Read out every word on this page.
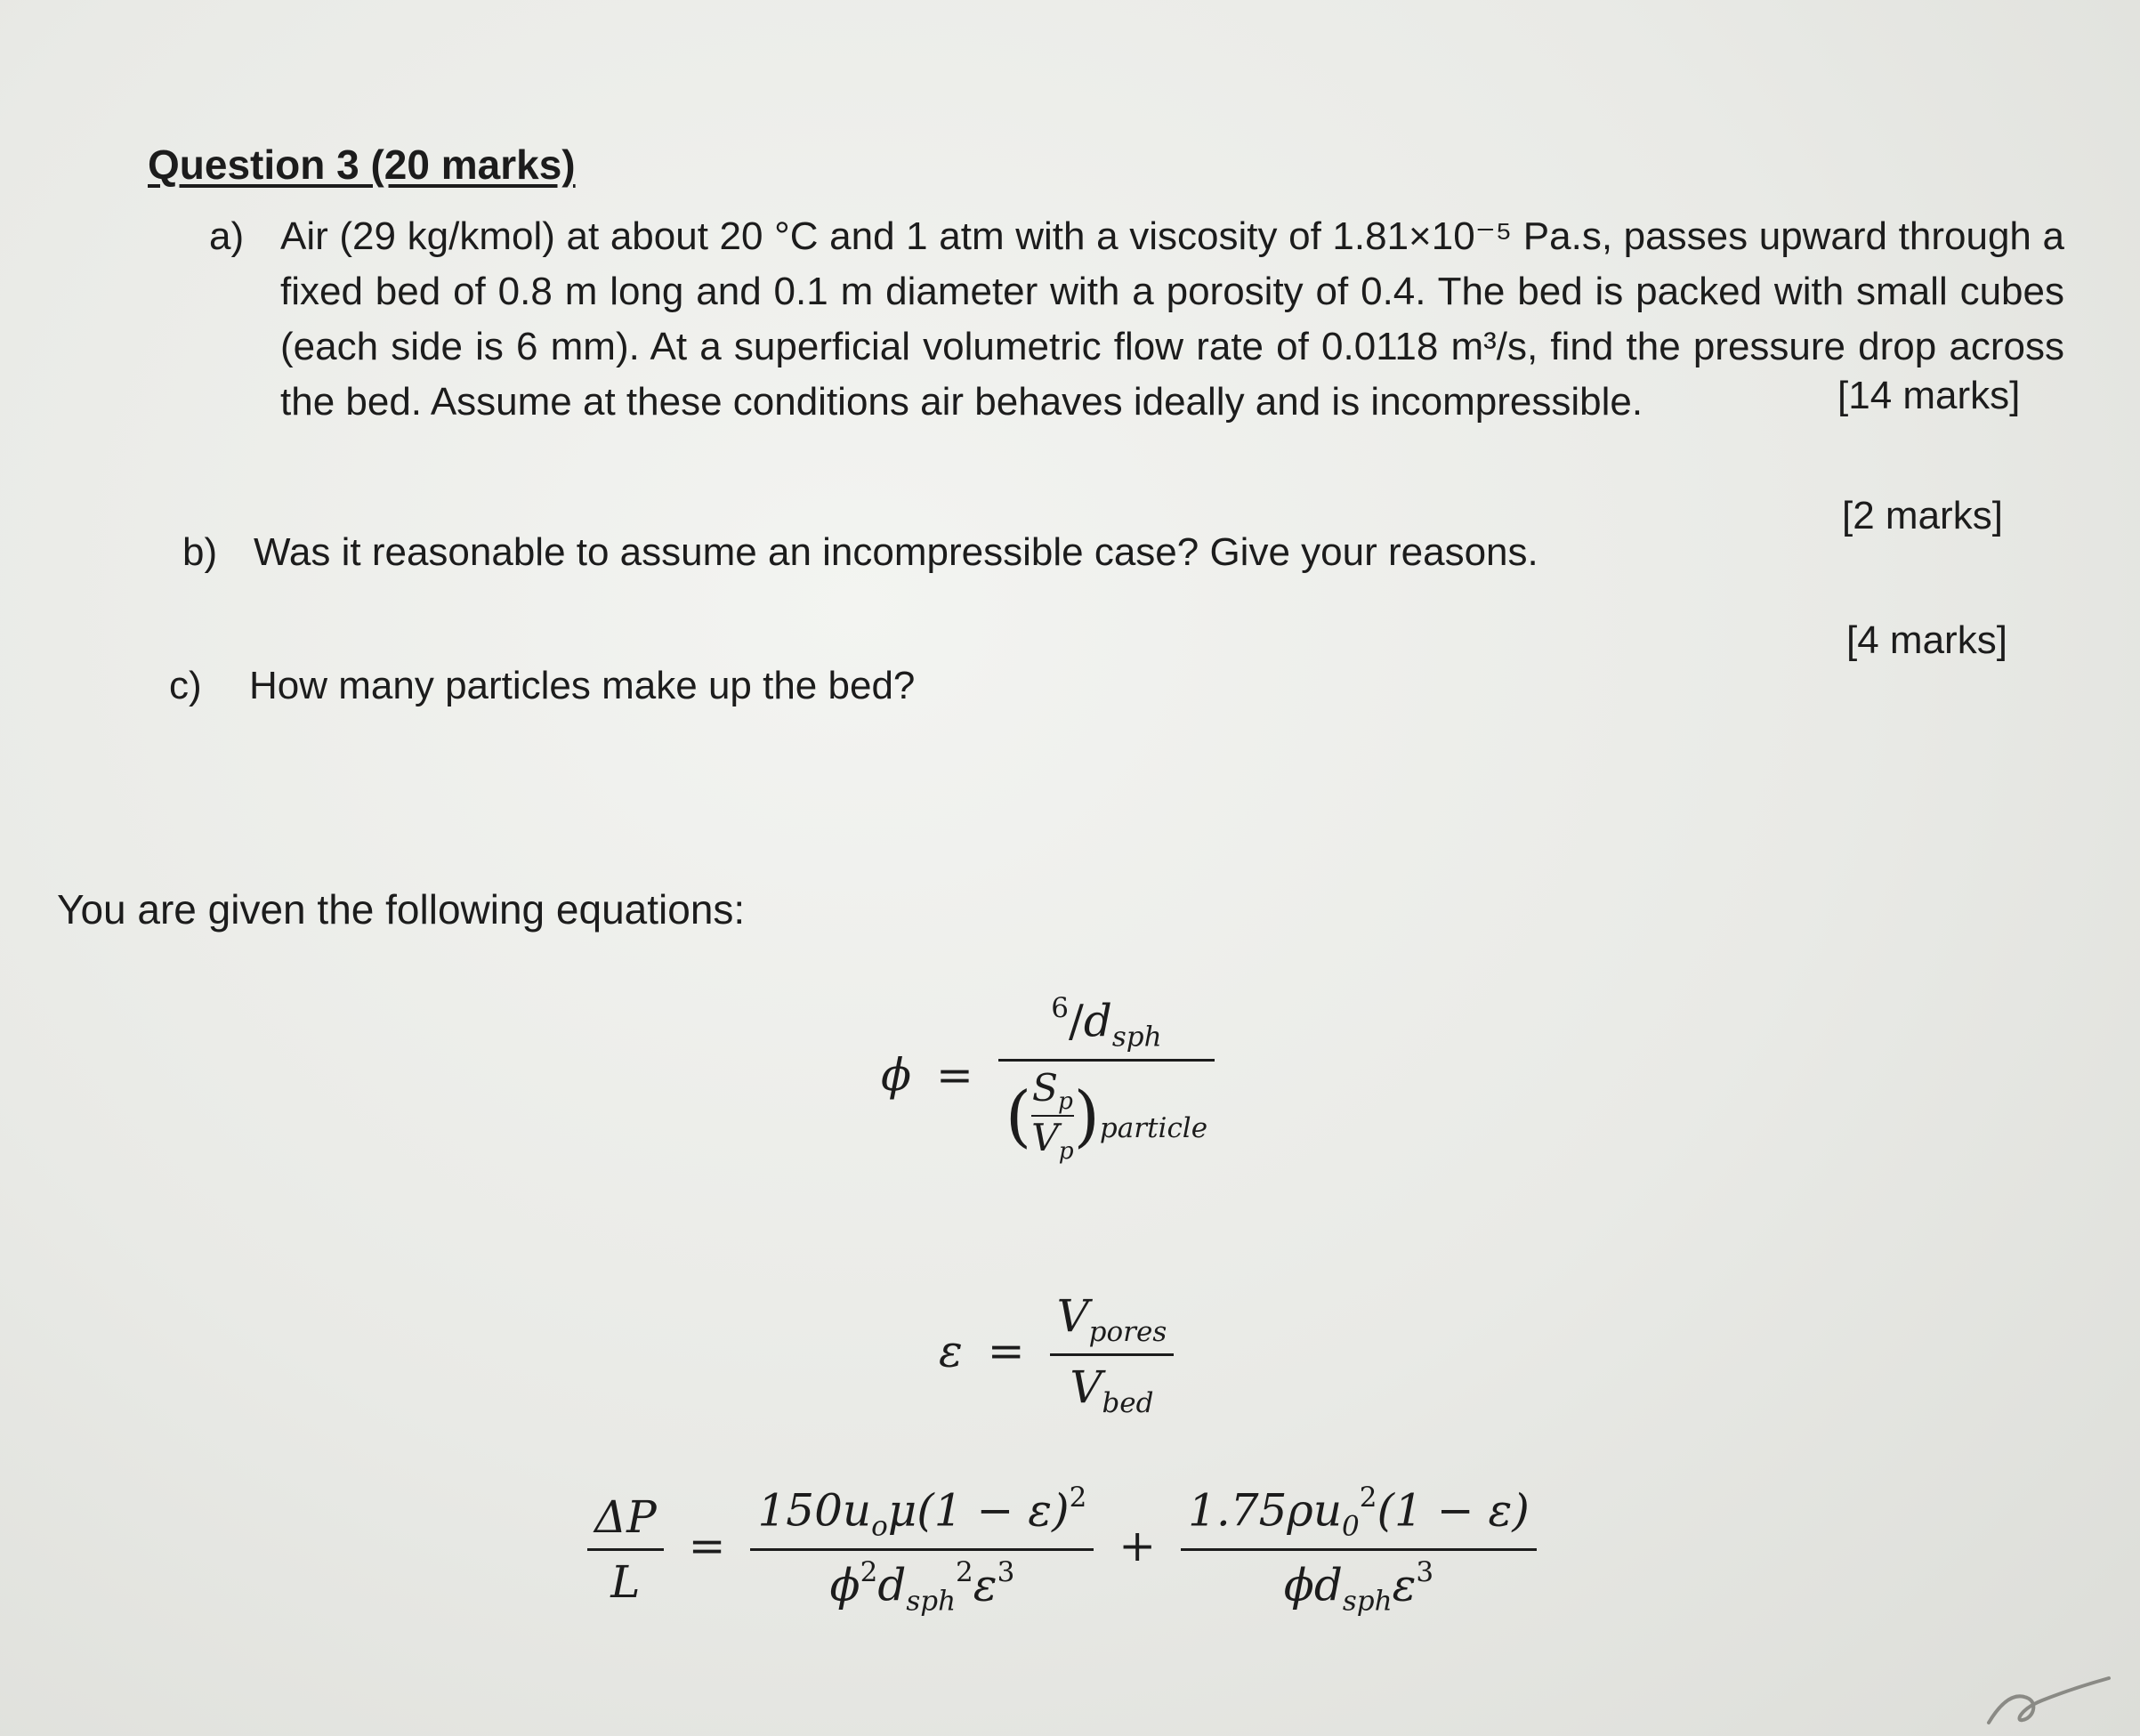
Question 3 (20 marks)
a) Air (29 kg/kmol) at about 20 °C and 1 atm with a viscosity of 1.81×10⁻⁵ Pa.s, passes upward through a fixed bed of 0.8 m long and 0.1 m diameter with a porosity of 0.4. The bed is packed with small cubes (each side is 6 mm). At a superficial volumetric flow rate of 0.0118 m³/s, find the pressure drop across the bed. Assume at these conditions air behaves ideally and is incompressible.	[14 marks]
b) Was it reasonable to assume an incompressible case? Give your reasons.
[2 marks]
c) How many particles make up the bed?
[4 marks]
You are given the following equations:
$\phi = \frac{^6/d_{sph}}{( \frac{S_p}{V_p} )_{particle}}$
$\varepsilon = \frac{V_{pores}}{V_{bed}}$
$\frac{\Delta P}{L} = \frac{150u_o\mu(1 - \varepsilon)^2}{\phi^2d_{sph}^2\varepsilon^3} + \frac{1.75\rho u_0^2(1 - \varepsilon)}{\phi d_{sph}\varepsilon^3}$
